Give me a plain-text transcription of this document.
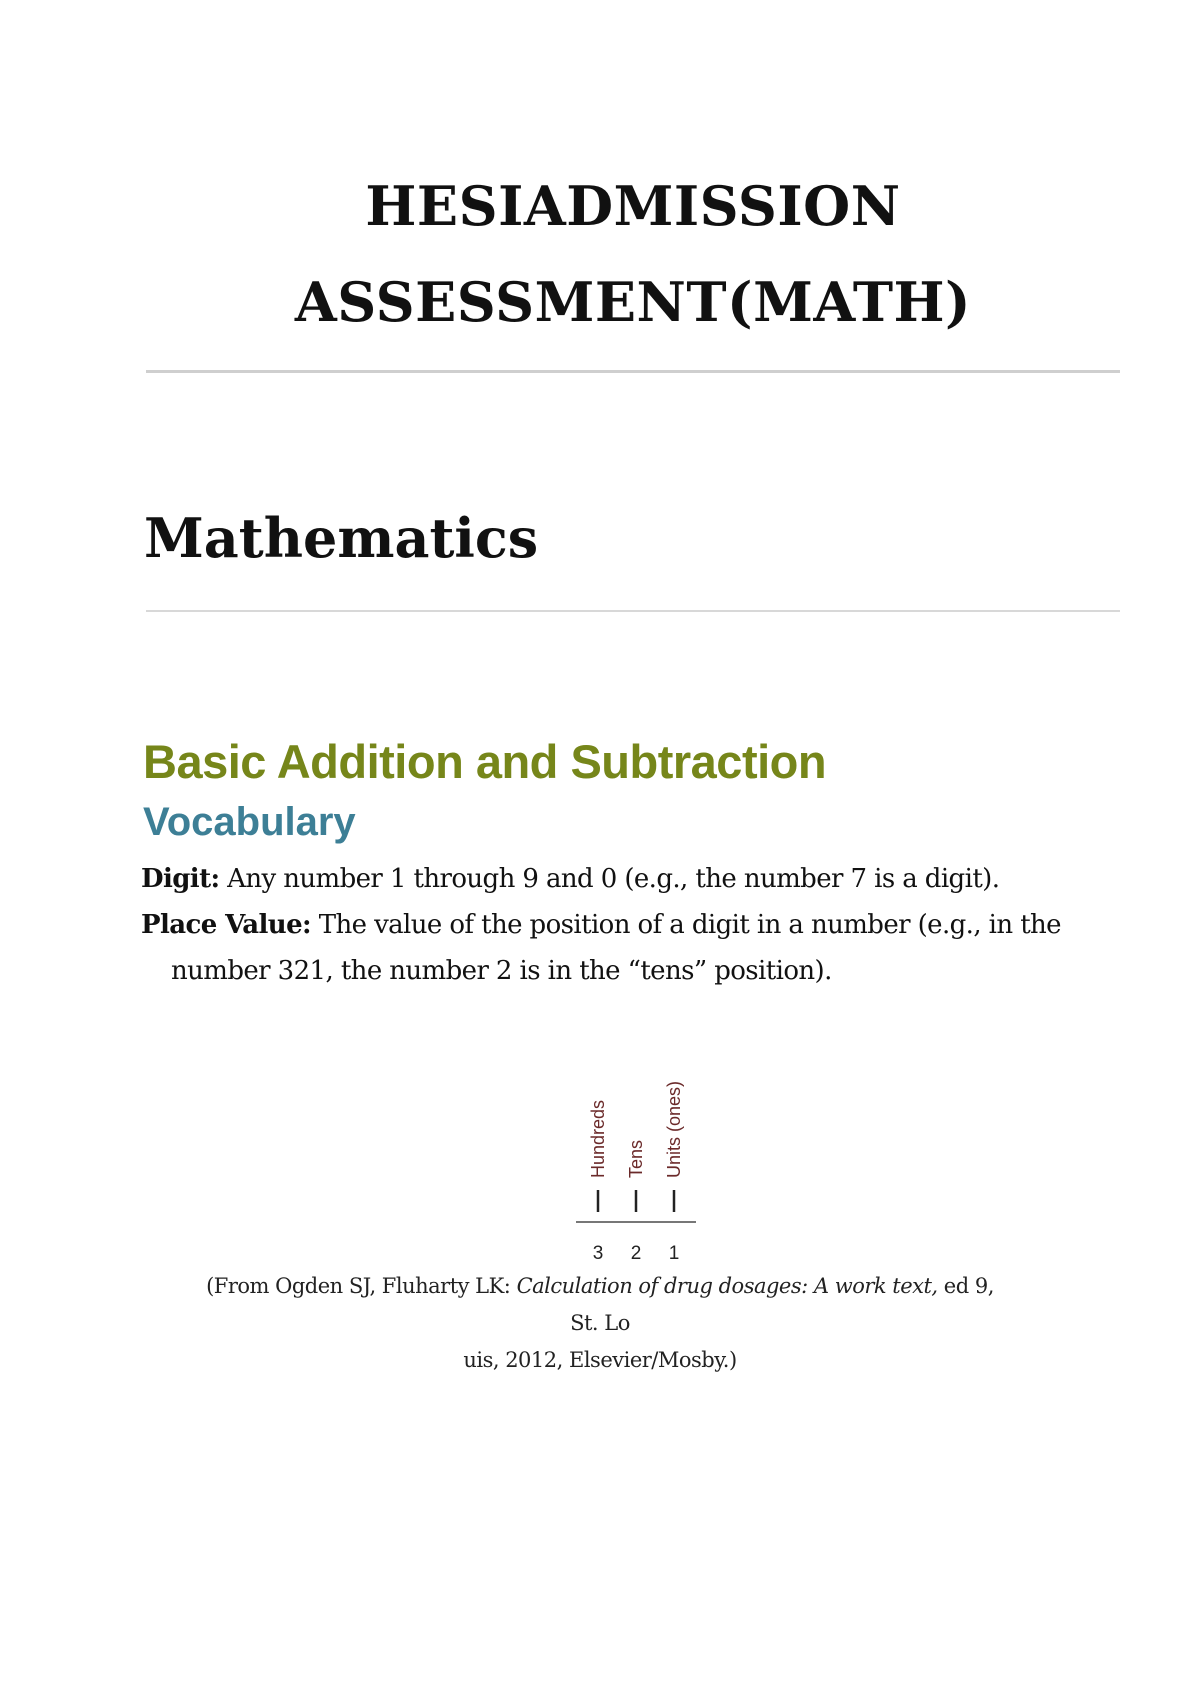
HESIADMISSION
ASSESSMENT(MATH)
Mathematics
Basic Addition and Subtraction
Vocabulary

Digit: Any number 1 through 9 and 0 (e.g., the number 7 is a digit).

Place Value: The value of the position of a digit in a number (e.g., in the number 321, the number 2 is in the “tens” position).

Hundreds Tens Units (ones)
3 2 1
(From Ogden SJ, Fluharty LK: Calculation of drug dosages: A work text, ed 9, St. Lo
uis, 2012, Elsevier/Mosby.)
